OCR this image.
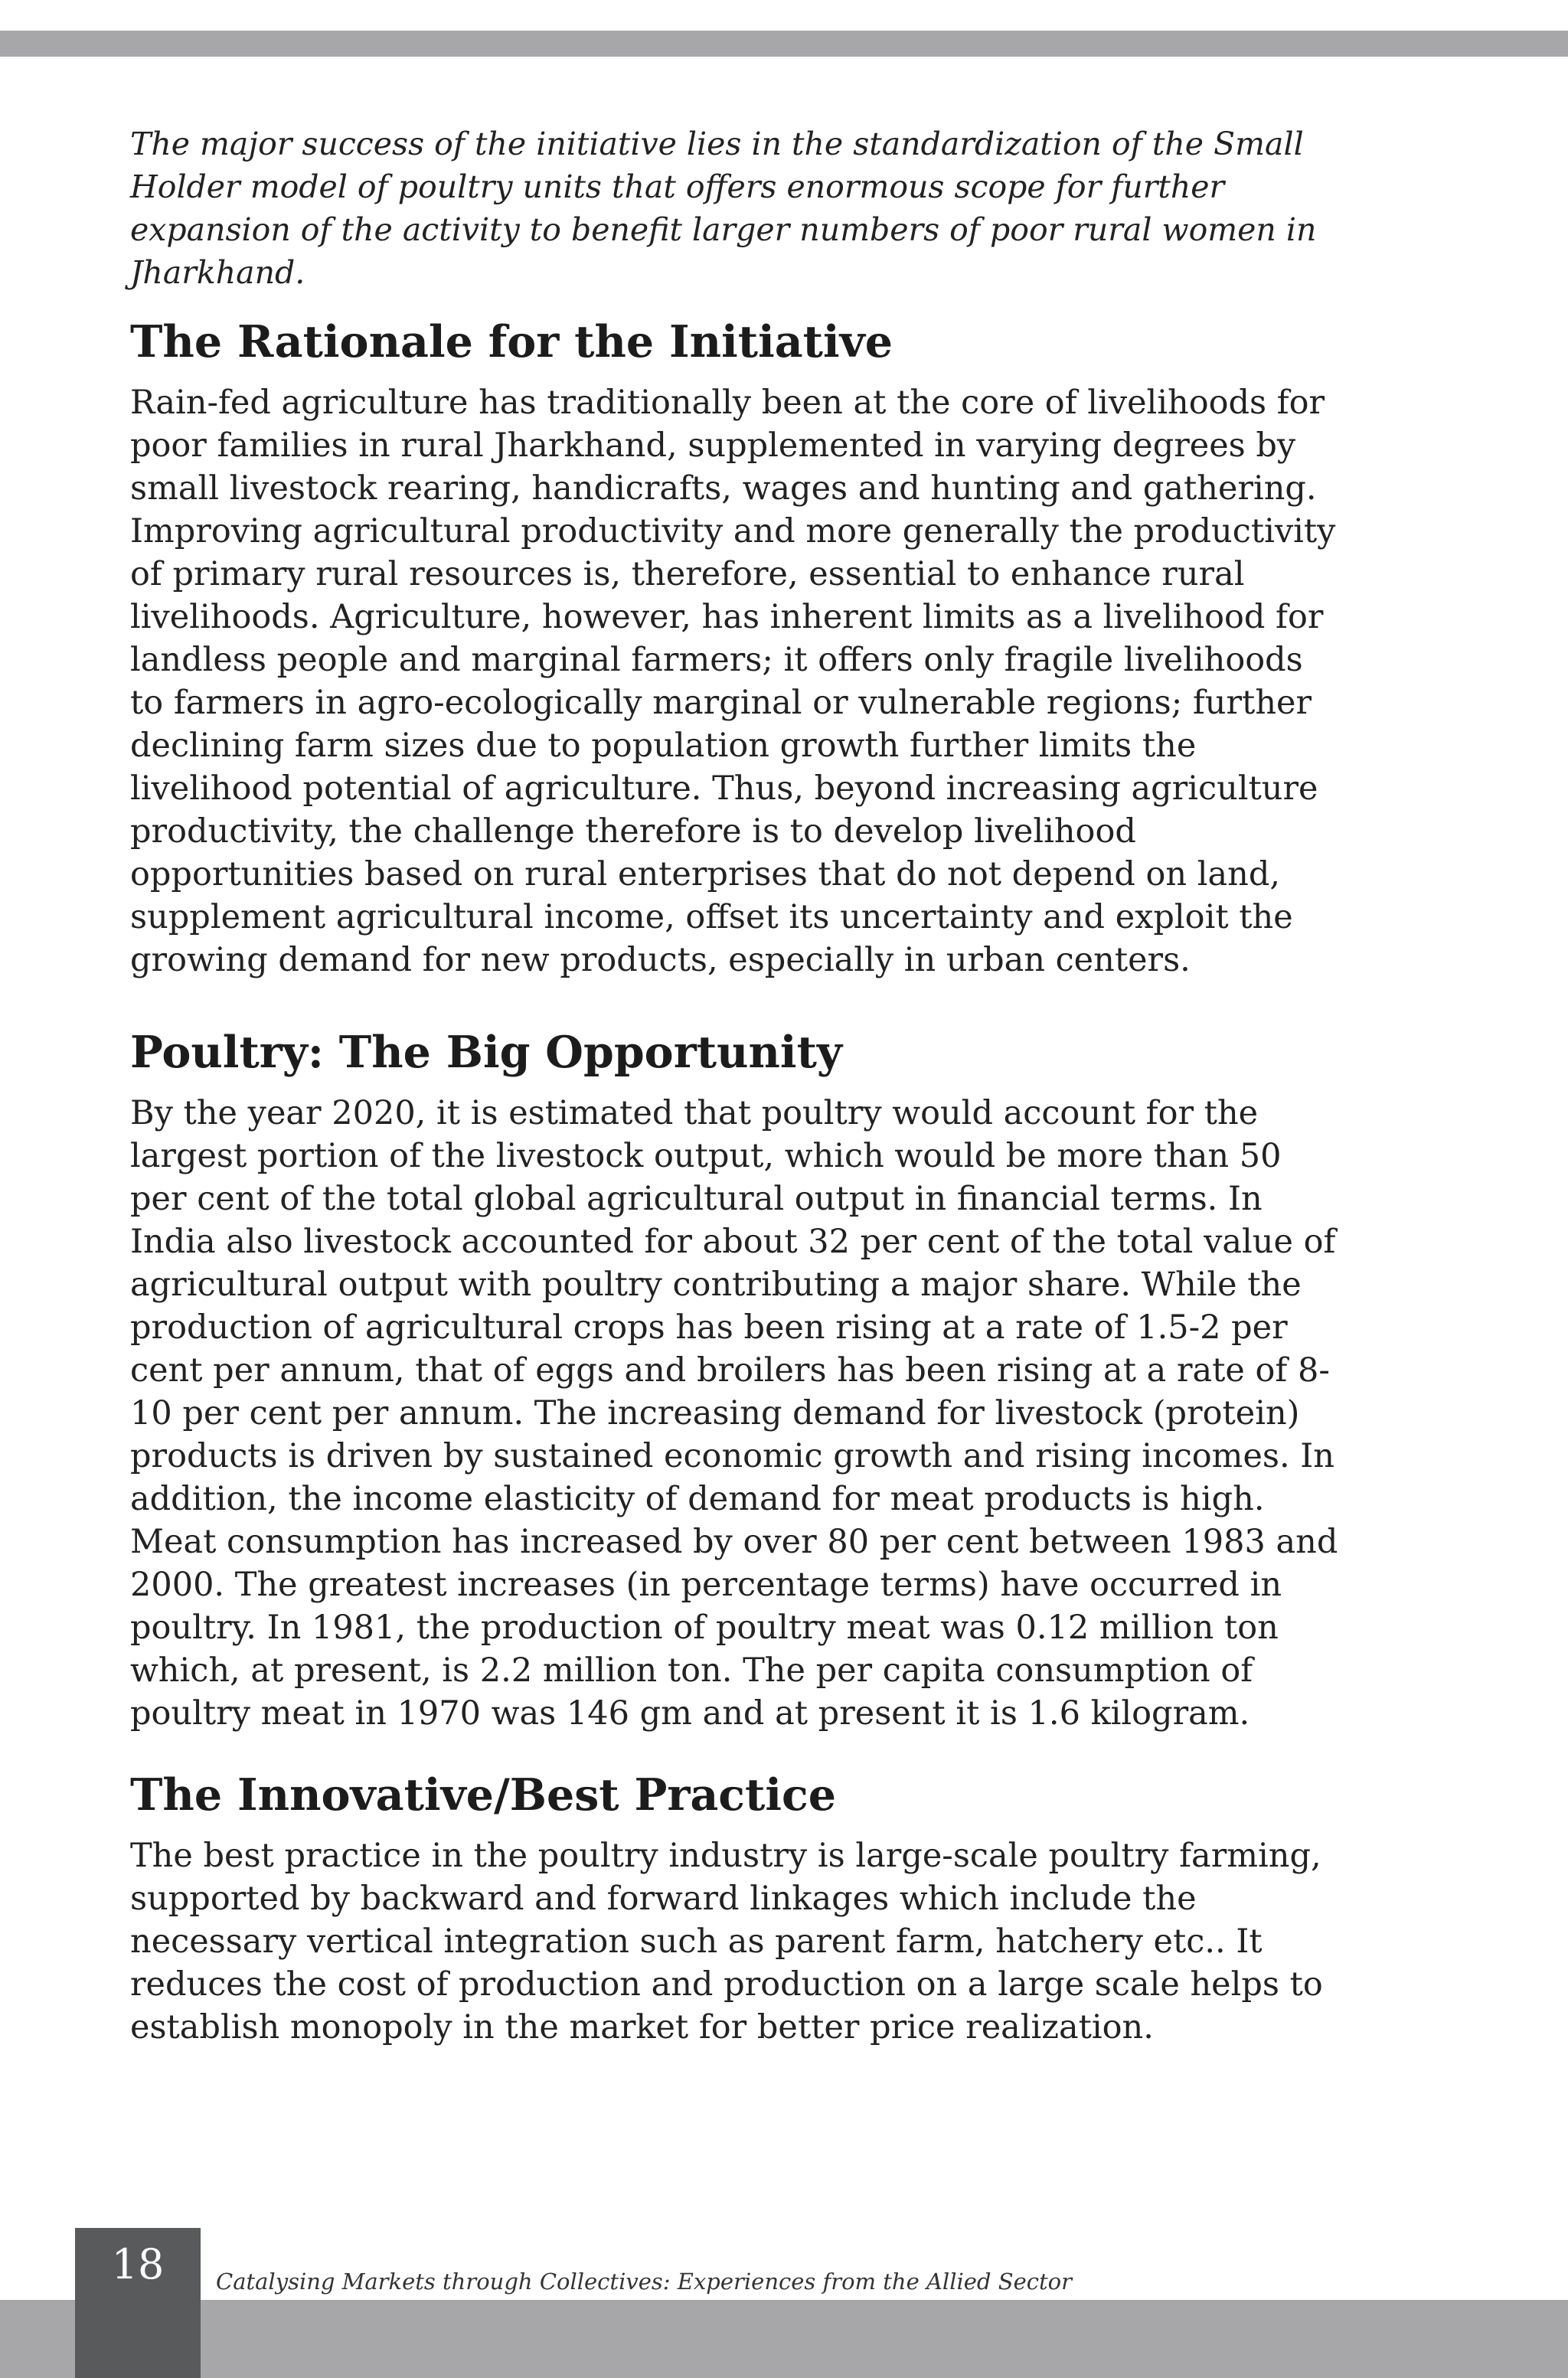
The major success of the initiative lies in the standardization of the Small Holder model of poultry units that offers enormous scope for further expansion of the activity to benefit larger numbers of poor rural women in Jharkhand.

The Rationale for the Initiative

Rain-fed agriculture has traditionally been at the core of livelihoods for poor families in rural Jharkhand, supplemented in varying degrees by small livestock rearing, handicrafts, wages and hunting and gathering. Improving agricultural productivity and more generally the productivity of primary rural resources is, therefore, essential to enhance rural livelihoods. Agriculture, however, has inherent limits as a livelihood for landless people and marginal farmers; it offers only fragile livelihoods to farmers in agro-ecologically marginal or vulnerable regions; further declining farm sizes due to population growth further limits the livelihood potential of agriculture. Thus, beyond increasing agriculture productivity, the challenge therefore is to develop livelihood opportunities based on rural enterprises that do not depend on land, supplement agricultural income, offset its uncertainty and exploit the growing demand for new products, especially in urban centers.

Poultry: The Big Opportunity

By the year 2020, it is estimated that poultry would account for the largest portion of the livestock output, which would be more than 50 per cent of the total global agricultural output in financial terms. In India also livestock accounted for about 32 per cent of the total value of agricultural output with poultry contributing a major share. While the production of agricultural crops has been rising at a rate of 1.5-2 per cent per annum, that of eggs and broilers has been rising at a rate of 8-10 per cent per annum. The increasing demand for livestock (protein) products is driven by sustained economic growth and rising incomes. In addition, the income elasticity of demand for meat products is high. Meat consumption has increased by over 80 per cent between 1983 and 2000. The greatest increases (in percentage terms) have occurred in poultry. In 1981, the production of poultry meat was 0.12 million ton which, at present, is 2.2 million ton. The per capita consumption of poultry meat in 1970 was 146 gm and at present it is 1.6 kilogram.

The Innovative/Best Practice

The best practice in the poultry industry is large-scale poultry farming, supported by backward and forward linkages which include the necessary vertical integration such as parent farm, hatchery etc.. It reduces the cost of production and production on a large scale helps to establish monopoly in the market for better price realization.

18	Catalysing Markets through Collectives: Experiences from the Allied Sector
